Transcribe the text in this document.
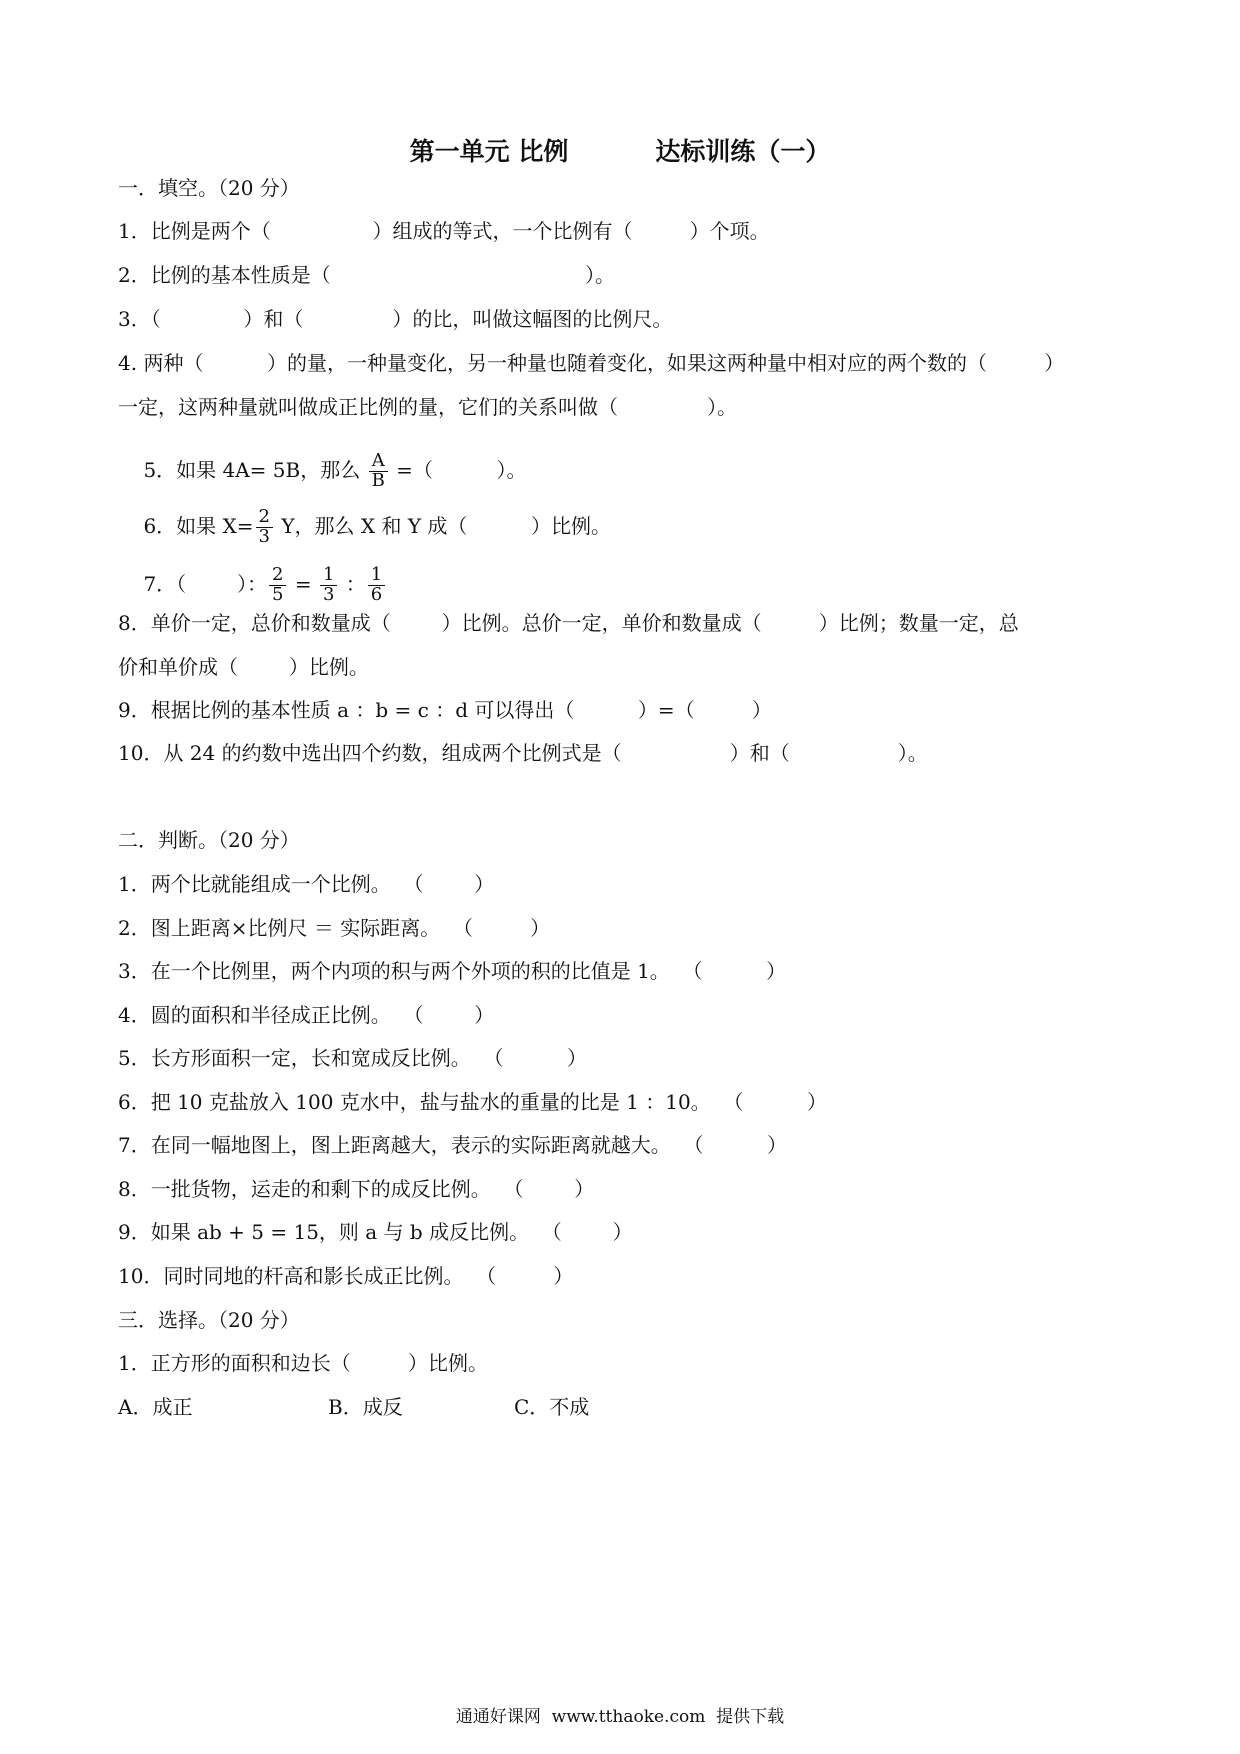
第一单元 比例          达标训练（一）
一．填空。（20 分）
1．比例是两个（                ）组成的等式，一个比例有（         ）个项。
2．比例的基本性质是（                                        ）。
3．（             ）和（              ）的比，叫做这幅图的比例尺。
4. 两种（          ）的量，一种量变化，另一种量也随着变化，如果这两种量中相对应的两个数的（         ）
一定，这两种量就叫做成正比例的量，它们的关系叫做（              ）。

5．如果 4A= 5B，那么 $\frac{A}{B}$ =（          ）。

6．如果 $X= \frac{2}{3}$ Y，那么 X 和 Y 成（          ）比例。

7．（        ）： $\frac{2}{5} = \frac{1}{3}$ ： $\frac{1}{6}$

8．单价一定，总价和数量成（        ）比例。总价一定，单价和数量成（         ）比例；数量一定，总
价和单价成（        ）比例。
9．根据比例的基本性质 a ：b = c ：d 可以得出（          ）=（         ）
10．从 24 的约数中选出四个约数，组成两个比例式是（                 ）和（                 ）。
二．判断。（20 分）
1．两个比就能组成一个比例。  （        ）
2．图上距离×比例尺 ＝ 实际距离。  （         ）
3．在一个比例里，两个内项的积与两个外项的积的比值是 1。  （          ）
4．圆的面积和半径成正比例。  （        ）
5．长方形面积一定，长和宽成反比例。  （          ）
6．把 10 克盐放入 100 克水中，盐与盐水的重量的比是 1 ：10。  （          ）
7．在同一幅地图上，图上距离越大，表示的实际距离就越大。  （          ）
8．一批货物，运走的和剩下的成反比例。  （        ）
9．如果 ab + 5 = 15，则 a 与 b 成反比例。  （        ）
10．同时同地的杆高和影长成正比例。  （         ）
三．选择。（20 分）
1．正方形的面积和边长（         ）比例。
A．成正	B．成反	C．不成
通通好课网  www.tthaoke.com  提供下载
